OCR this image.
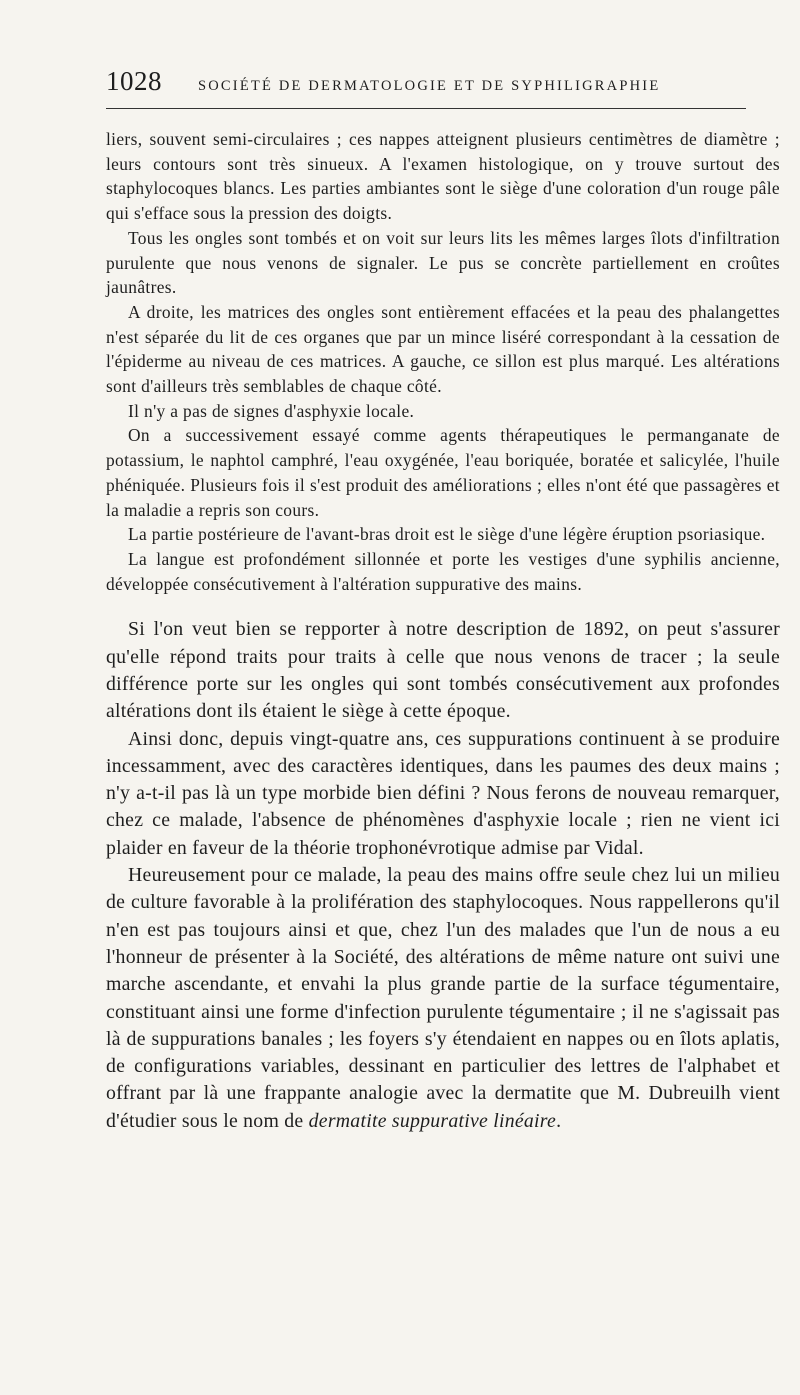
1028	SOCIÉTÉ DE DERMATOLOGIE ET DE SYPHILIGRAPHIE

liers, souvent semi-circulaires ; ces nappes atteignent plusieurs centimètres de diamètre ; leurs contours sont très sinueux. A l'examen histologique, on y trouve surtout des staphylocoques blancs. Les parties ambiantes sont le siège d'une coloration d'un rouge pâle qui s'efface sous la pression des doigts.

Tous les ongles sont tombés et on voit sur leurs lits les mêmes larges îlots d'infiltration purulente que nous venons de signaler. Le pus se concrète partiellement en croûtes jaunâtres.

A droite, les matrices des ongles sont entièrement effacées et la peau des phalangettes n'est séparée du lit de ces organes que par un mince liséré correspondant à la cessation de l'épiderme au niveau de ces matrices. A gauche, ce sillon est plus marqué. Les altérations sont d'ailleurs très semblables de chaque côté.

Il n'y a pas de signes d'asphyxie locale.

On a successivement essayé comme agents thérapeutiques le permanganate de potassium, le naphtol camphré, l'eau oxygénée, l'eau boriquée, boratée et salicylée, l'huile phéniquée. Plusieurs fois il s'est produit des améliorations ; elles n'ont été que passagères et la maladie a repris son cours.

La partie postérieure de l'avant-bras droit est le siège d'une légère éruption psoriasique.

La langue est profondément sillonnée et porte les vestiges d'une syphilis ancienne, développée consécutivement à l'altération suppurative des mains.

Si l'on veut bien se repporter à notre description de 1892, on peut s'assurer qu'elle répond traits pour traits à celle que nous venons de tracer ; la seule différence porte sur les ongles qui sont tombés consécutivement aux profondes altérations dont ils étaient le siège à cette époque.

Ainsi donc, depuis vingt-quatre ans, ces suppurations continuent à se produire incessamment, avec des caractères identiques, dans les paumes des deux mains ; n'y a-t-il pas là un type morbide bien défini ? Nous ferons de nouveau remarquer, chez ce malade, l'absence de phénomènes d'asphyxie locale ; rien ne vient ici plaider en faveur de la théorie trophonévrotique admise par Vidal.

Heureusement pour ce malade, la peau des mains offre seule chez lui un milieu de culture favorable à la prolifération des staphylocoques. Nous rappellerons qu'il n'en est pas toujours ainsi et que, chez l'un des malades que l'un de nous a eu l'honneur de présenter à la Société, des altérations de même nature ont suivi une marche ascendante, et envahi la plus grande partie de la surface tégumentaire, constituant ainsi une forme d'infection purulente tégumentaire ; il ne s'agissait pas là de suppurations banales ; les foyers s'y étendaient en nappes ou en îlots aplatis, de configurations variables, dessinant en particulier des lettres de l'alphabet et offrant par là une frappante analogie avec la dermatite que M. Dubreuilh vient d'étudier sous le nom de dermatite suppurative linéaire.
